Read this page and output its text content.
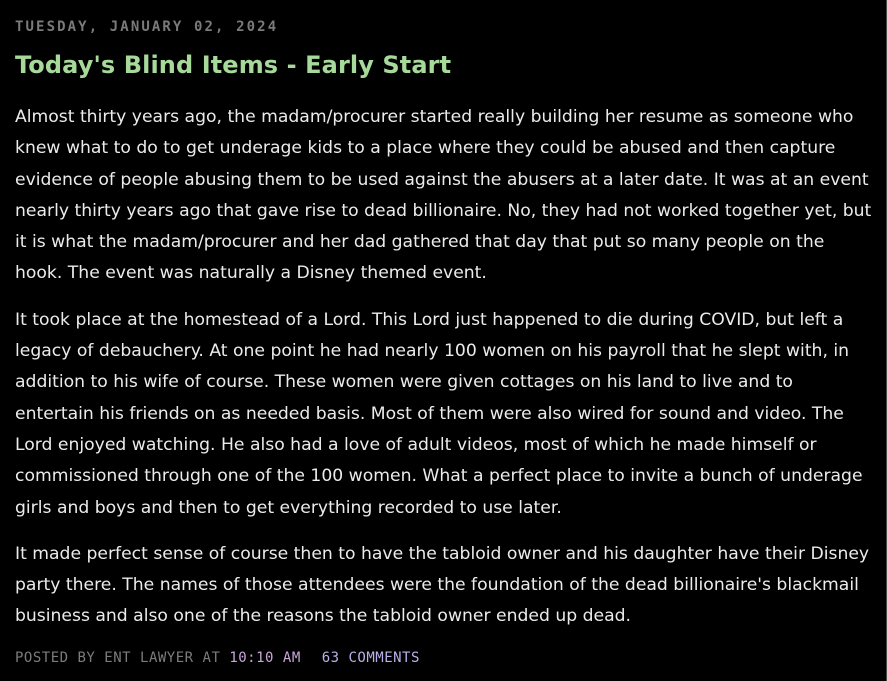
TUESDAY, JANUARY 02, 2024
Today's Blind Items - Early Start

Almost thirty years ago, the madam/procurer started really building her resume as someone who knew what to do to get underage kids to a place where they could be abused and then capture evidence of people abusing them to be used against the abusers at a later date. It was at an event nearly thirty years ago that gave rise to dead billionaire. No, they had not worked together yet, but it is what the madam/procurer and her dad gathered that day that put so many people on the hook. The event was naturally a Disney themed event.

It took place at the homestead of a Lord. This Lord just happened to die during COVID, but left a legacy of debauchery. At one point he had nearly 100 women on his payroll that he slept with, in addition to his wife of course. These women were given cottages on his land to live and to entertain his friends on as needed basis. Most of them were also wired for sound and video. The Lord enjoyed watching. He also had a love of adult videos, most of which he made himself or commissioned through one of the 100 women. What a perfect place to invite a bunch of underage girls and boys and then to get everything recorded to use later.

It made perfect sense of course then to have the tabloid owner and his daughter have their Disney party there. The names of those attendees were the foundation of the dead billionaire's blackmail business and also one of the reasons the tabloid owner ended up dead.

POSTED BY ENT LAWYER AT 10:10 AM 63 COMMENTS
